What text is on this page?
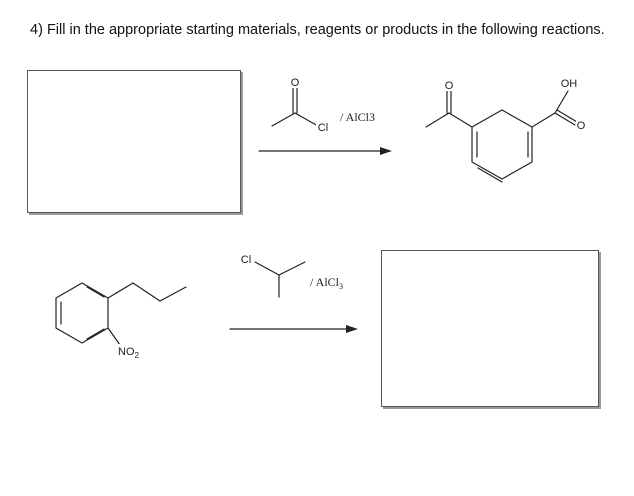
4) Fill in the appropriate starting materials, reagents or products in the following reactions.
O
Cl
O	OH
O
Cl
$NO_2$
/ AlCl3
/ AlCl$_3$
